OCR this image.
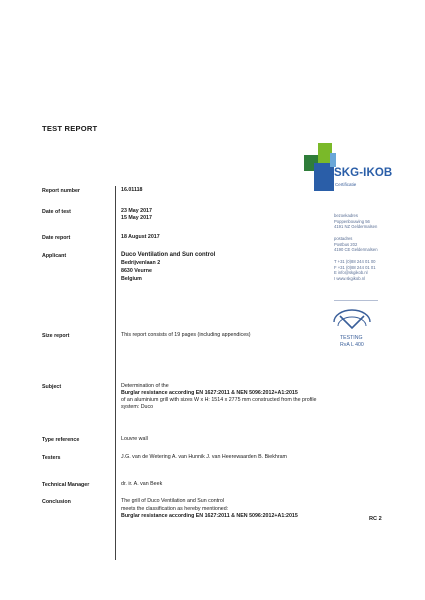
TEST REPORT
SKG-IKOB
Certificatie
bezoekadres
Poppenbouwing 56
4191 NZ Geldermalsen
postadres
Postbus 202
4190 CE Geldermalsen
T +31 (0)88 244 01 00
F +31 (0)88 244 01 01
E info@skgikob.nl
I www.skgikob.nl
TESTING
RvA L 400
Report number	16.01118
Date of test	23 May 2017
15 May 2017
Date report	18 August 2017
Applicant	Duco Ventilation and Sun control
Bedrijvenlaan 2
8630 Veurne
Belgium
Size report	This report consists of 19 pages (including appendices)
Subject	Determination of the
Burglar resistance according EN 1627:2011 & NEN 5096:2012+A1:2015
of an aluminium grill with sizes W x H: 1514 x 2775 mm constructed from the profile
system: Duco
Type reference	Louvre wall
Testers	J.G. van de Wetering A. van Hunnik J. van Heerewaarden B. Biekhram
Technical Manager	dr. ir. A. van Beek
Conclusion	The grill of Duco Ventilation and Sun control
meets the classification as hereby mentioned:
Burglar resistance according EN 1627:2011 & NEN 5096:2012+A1:2015	RC 2
